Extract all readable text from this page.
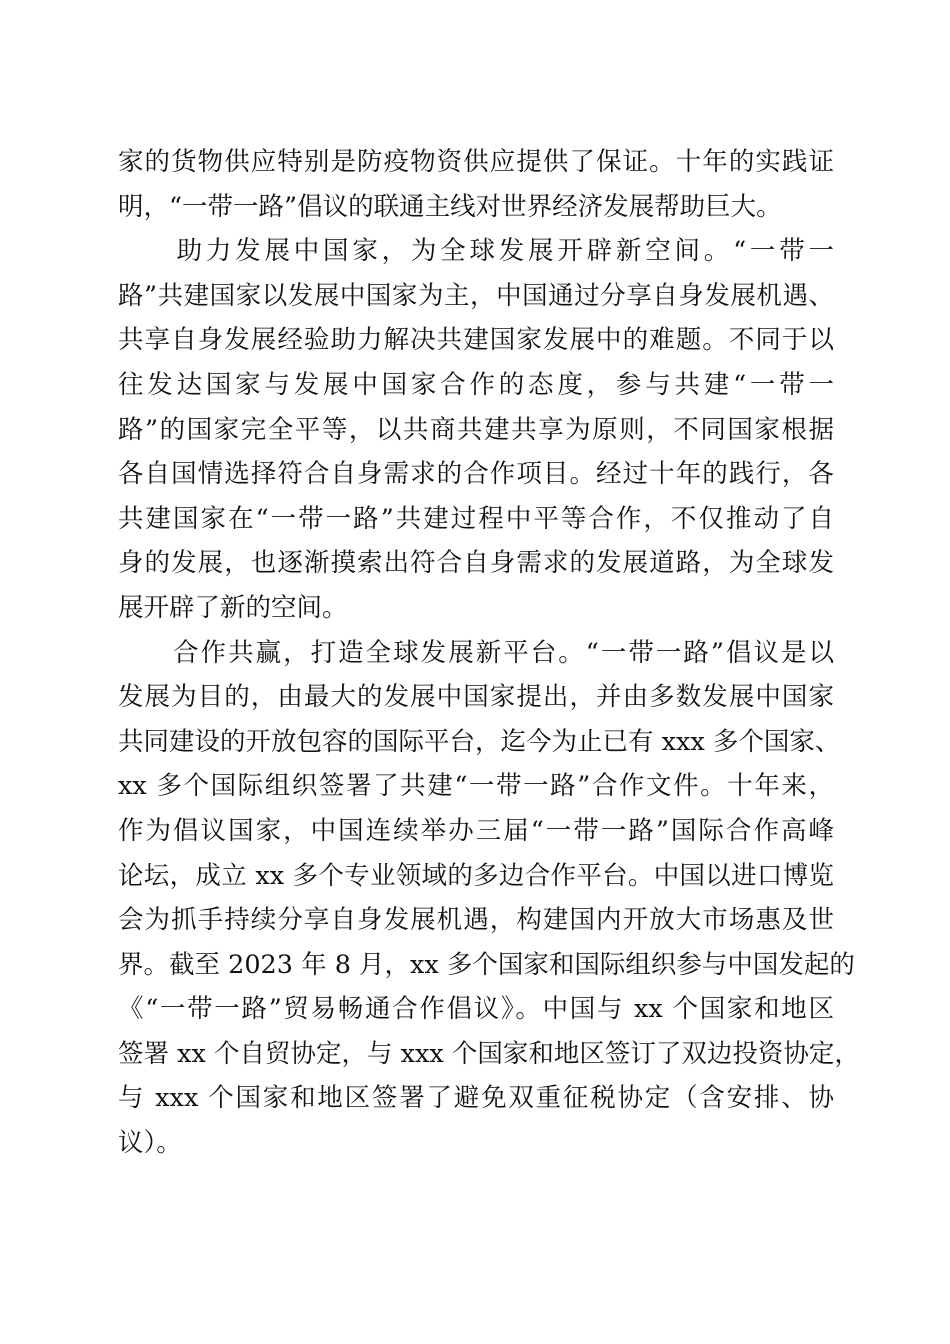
家的货物供应特别是防疫物资供应提供了保证。十年的实践证
明，“一带一路”倡议的联通主线对世界经济发展帮助巨大。
　　助力发展中国家，为全球发展开辟新空间。“一带一
路”共建国家以发展中国家为主，中国通过分享自身发展机遇、
共享自身发展经验助力解决共建国家发展中的难题。不同于以
往发达国家与发展中国家合作的态度，参与共建“一带一
路”的国家完全平等，以共商共建共享为原则，不同国家根据
各自国情选择符合自身需求的合作项目。经过十年的践行，各
共建国家在“一带一路”共建过程中平等合作，不仅推动了自
身的发展，也逐渐摸索出符合自身需求的发展道路，为全球发
展开辟了新的空间。
　　合作共赢，打造全球发展新平台。“一带一路”倡议是以
发展为目的，由最大的发展中国家提出，并由多数发展中国家
共同建设的开放包容的国际平台，迄今为止已有 xxx 多个国家、
xx 多个国际组织签署了共建“一带一路”合作文件。十年来，
作为倡议国家，中国连续举办三届“一带一路”国际合作高峰
论坛，成立 xx 多个专业领域的多边合作平台。中国以进口博览
会为抓手持续分享自身发展机遇，构建国内开放大市场惠及世
界。截至 2023 年 8 月，xx 多个国家和国际组织参与中国发起的
《“一带一路”贸易畅通合作倡议》。中国与 xx 个国家和地区
签署 xx 个自贸协定，与 xxx 个国家和地区签订了双边投资协定，
与 xxx 个国家和地区签署了避免双重征税协定（含安排、协
议）。
